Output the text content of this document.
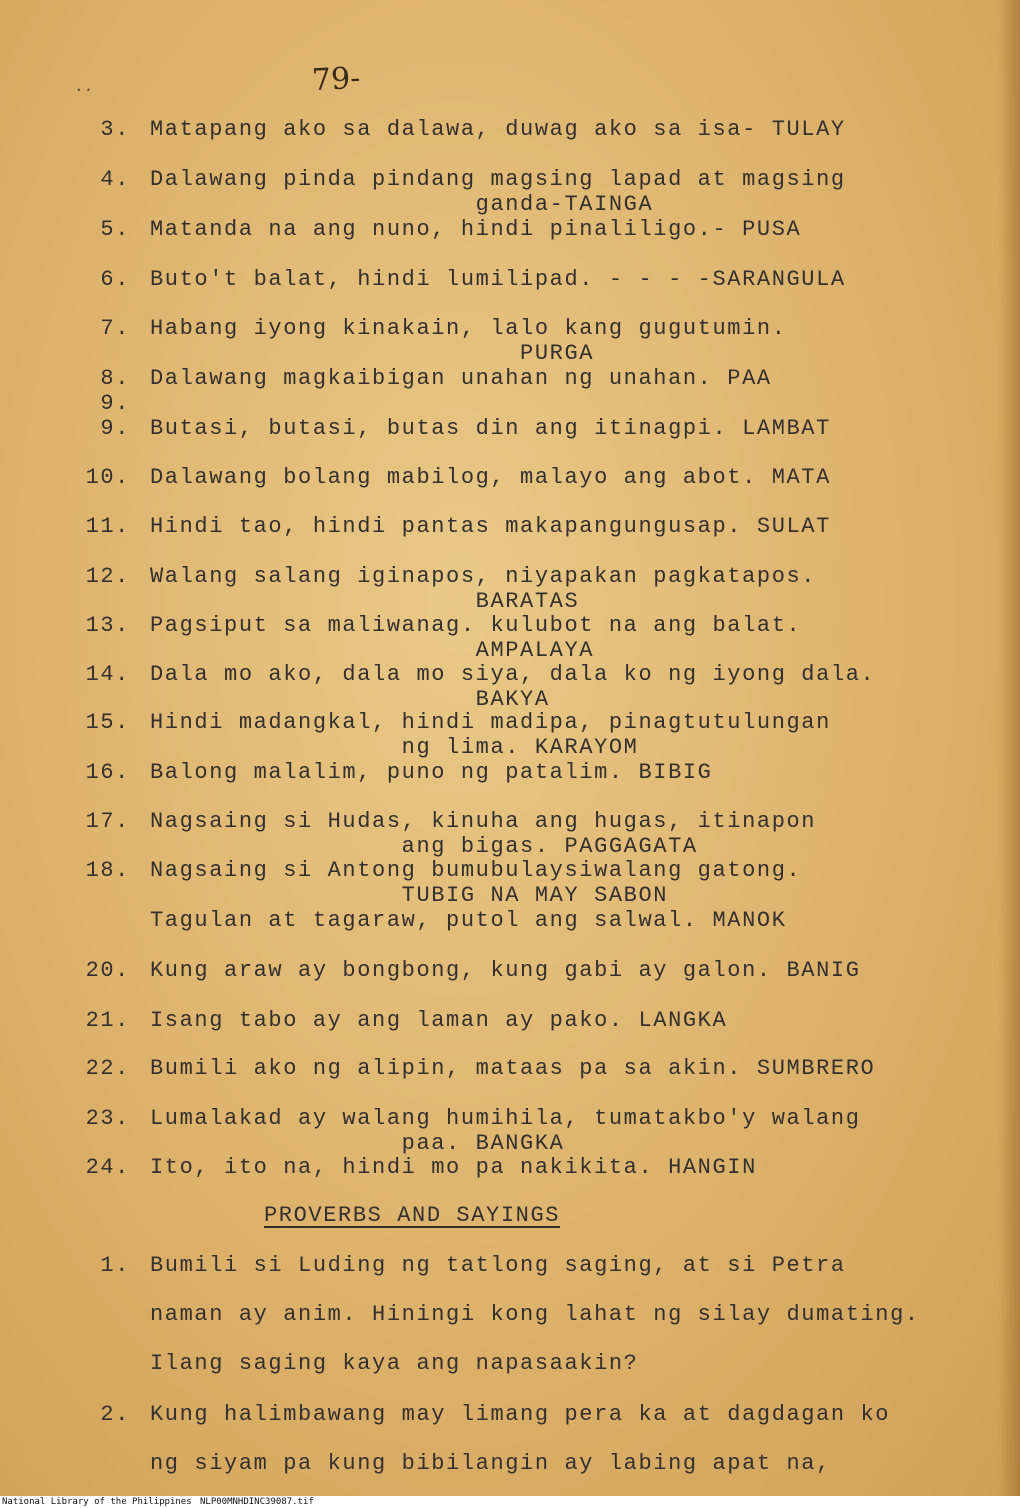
..	79-
3. Matapang ako sa dalawa, duwag ako sa isa- TULAY
4. Dalawang pinda pindang magsing lapad at magsing
ganda-TAINGA
5. Matanda na ang nuno, hindi pinaliligo.- PUSA
6. Buto't balat, hindi lumilipad. - - - -SARANGULA
7. Habang iyong kinakain, lalo kang gugutumin.
PURGA
8. Dalawang magkaibigan unahan ng unahan. PAA
9.
9. Butasi, butasi, butas din ang itinagpi. LAMBAT
10. Dalawang bolang mabilog, malayo ang abot. MATA
11. Hindi tao, hindi pantas makapangungusap. SULAT
12. Walang salang iginapos, niyapakan pagkatapos.
BARATAS
13. Pagsiput sa maliwanag. kulubot na ang balat.
AMPALAYA
14. Dala mo ako, dala mo siya, dala ko ng iyong dala.
BAKYA
15. Hindi madangkal, hindi madipa, pinagtutulungan
ng lima. KARAYOM
16. Balong malalim, puno ng patalim. BIBIG
17. Nagsaing si Hudas, kinuha ang hugas, itinapon
ang bigas. PAGGAGATA
18. Nagsaing si Antong bumubulaysiwalang gatong.
TUBIG NA MAY SABON
Tagulan at tagaraw, putol ang salwal. MANOK
20. Kung araw ay bongbong, kung gabi ay galon. BANIG
21. Isang tabo ay ang laman ay pako. LANGKA
22. Bumili ako ng alipin, mataas pa sa akin. SUMBRERO
23. Lumalakad ay walang humihila, tumatakbo'y walang
paa. BANGKA
24. Ito, ito na, hindi mo pa nakikita. HANGIN
PROVERBS AND SAYINGS
1. Bumili si Luding ng tatlong saging, at si Petra
naman ay anim. Hiningi kong lahat ng silay dumating.
Ilang saging kaya ang napasaakin?
2. Kung halimbawang may limang pera ka at dagdagan ko
ng siyam pa kung bibilangin ay labing apat na,

National Library of the Philippines

NLP00MNHDINC39087.tif
